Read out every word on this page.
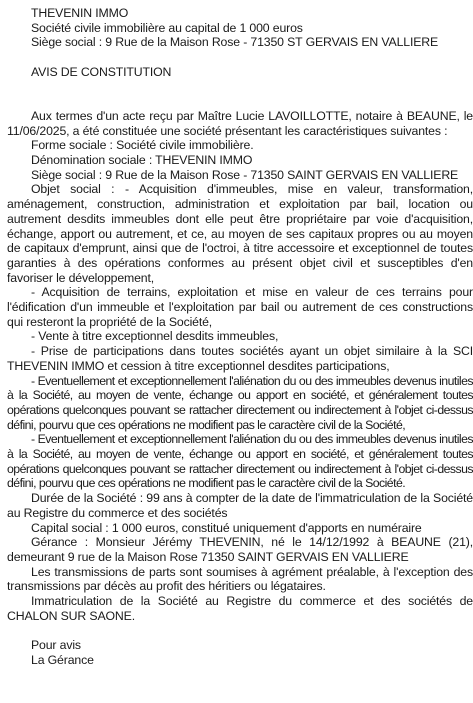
THEVENIN IMMO
Société civile immobilière au capital de 1 000 euros
Siège social : 9 Rue de la Maison Rose - 71350 ST GERVAIS EN VALLIERE
AVIS DE CONSTITUTION

Aux termes d'un acte reçu par Maître Lucie LAVOILLOTTE, notaire à BEAUNE, le 11/06/2025, a été constituée une société présentant les caractéristiques suivantes :

Forme sociale : Société civile immobilière.
Dénomination sociale : THEVENIN IMMO
Siège social : 9 Rue de la Maison Rose - 71350 SAINT GERVAIS EN VALLIERE

Objet social : - Acquisition d'immeubles, mise en valeur, transformation, aménagement, construction, administration et exploitation par bail, location ou autrement desdits immeubles dont elle peut être propriétaire par voie d'acquisition, échange, apport ou autrement, et ce, au moyen de ses capitaux propres ou au moyen de capitaux d'emprunt, ainsi que de l'octroi, à titre accessoire et exceptionnel de toutes garanties à des opérations conformes au présent objet civil et susceptibles d'en favoriser le développement,

- Acquisition de terrains, exploitation et mise en valeur de ces terrains pour l'édification d'un immeuble et l'exploitation par bail ou autrement de ces constructions qui resteront la propriété de la Société,

- Vente à titre exceptionnel desdits immeubles,

- Prise de participations dans toutes sociétés ayant un objet similaire à la SCI THEVENIN IMMO et cession à titre exceptionnel desdites participations,

- Eventuellement et exceptionnellement l'aliénation du ou des immeubles devenus inutiles à la Société, au moyen de vente, échange ou apport en société, et généralement toutes opérations quelconques pouvant se rattacher directement ou indirectement à l'objet ci-dessus défini, pourvu que ces opérations ne modifient pas le caractère civil de la Société,

- Eventuellement et exceptionnellement l'aliénation du ou des immeubles devenus inutiles à la Société, au moyen de vente, échange ou apport en société, et généralement toutes opérations quelconques pouvant se rattacher directement ou indirectement à l'objet ci-dessus défini, pourvu que ces opérations ne modifient pas le caractère civil de la Société.

Durée de la Société : 99 ans à compter de la date de l'immatriculation de la Société au Registre du commerce et des sociétés

Capital social : 1 000 euros, constitué uniquement d'apports en numéraire

Gérance : Monsieur Jérémy THEVENIN, né le 14/12/1992 à BEAUNE (21), demeurant 9 rue de la Maison Rose 71350 SAINT GERVAIS EN VALLIERE

Les transmissions de parts sont soumises à agrément préalable, à l'exception des transmissions par décès au profit des héritiers ou légataires.

Immatriculation de la Société au Registre du commerce et des sociétés de CHALON SUR SAONE.

Pour avis
La Gérance
